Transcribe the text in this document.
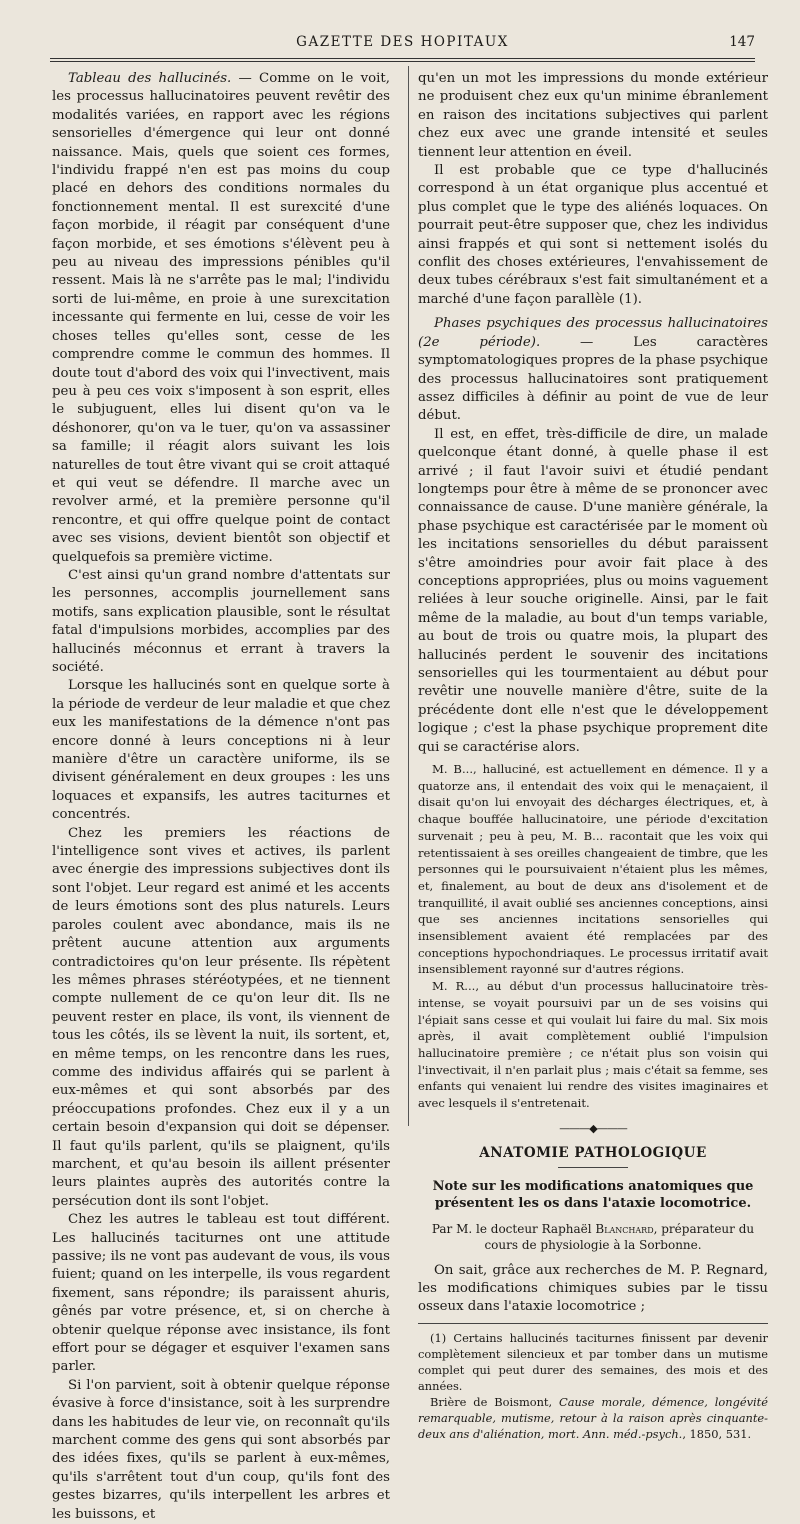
GAZETTE DES HOPITAUX	147

Tableau des hallucinés. — Comme on le voit, les processus hallucinatoires peuvent revêtir des modalités variées, en rapport avec les régions sensorielles d'émergence qui leur ont donné naissance. Mais, quels que soient ces formes, l'individu frappé n'en est pas moins du coup placé en dehors des conditions normales du fonctionnement mental. Il est surexcité d'une façon morbide, il réagit par conséquent d'une façon morbide, et ses émotions s'élèvent peu à peu au niveau des impressions pénibles qu'il ressent. Mais là ne s'arrête pas le mal; l'individu sorti de lui-même, en proie à une surexcitation incessante qui fermente en lui, cesse de voir les choses telles qu'elles sont, cesse de les comprendre comme le commun des hommes. Il doute tout d'abord des voix qui l'invectivent, mais peu à peu ces voix s'imposent à son esprit, elles le subjuguent, elles lui disent qu'on va le déshonorer, qu'on va le tuer, qu'on va assassiner sa famille; il réagit alors suivant les lois naturelles de tout être vivant qui se croit attaqué et qui veut se défendre. Il marche avec un revolver armé, et la première personne qu'il rencontre, et qui offre quelque point de contact avec ses visions, devient bientôt son objectif et quelquefois sa première victime.

C'est ainsi qu'un grand nombre d'attentats sur les personnes, accomplis journellement sans motifs, sans explication plausible, sont le résultat fatal d'impulsions morbides, accomplies par des hallucinés méconnus et errant à travers la société.

Lorsque les hallucinés sont en quelque sorte à la période de verdeur de leur maladie et que chez eux les manifestations de la démence n'ont pas encore donné à leurs conceptions ni à leur manière d'être un caractère uniforme, ils se divisent généralement en deux groupes : les uns loquaces et expansifs, les autres taciturnes et concentrés.

Chez les premiers les réactions de l'intelligence sont vives et actives, ils parlent avec énergie des impressions subjectives dont ils sont l'objet. Leur regard est animé et les accents de leurs émotions sont des plus naturels. Leurs paroles coulent avec abondance, mais ils ne prêtent aucune attention aux arguments contradictoires qu'on leur présente. Ils répètent les mêmes phrases stéréotypées, et ne tiennent compte nullement de ce qu'on leur dit. Ils ne peuvent rester en place, ils vont, ils viennent de tous les côtés, ils se lèvent la nuit, ils sortent, et, en même temps, on les rencontre dans les rues, comme des individus affairés qui se parlent à eux-mêmes et qui sont absorbés par des préoccupations profondes. Chez eux il y a un certain besoin d'expansion qui doit se dépenser. Il faut qu'ils parlent, qu'ils se plaignent, qu'ils marchent, et qu'au besoin ils aillent présenter leurs plaintes auprès des autorités contre la persécution dont ils sont l'objet.

Chez les autres le tableau est tout différent. Les hallucinés taciturnes ont une attitude passive; ils ne vont pas audevant de vous, ils vous fuient; quand on les interpelle, ils vous regardent fixement, sans répondre; ils paraissent ahuris, gênés par votre présence, et, si on cherche à obtenir quelque réponse avec insistance, ils font effort pour se dégager et esquiver l'examen sans parler.

Si l'on parvient, soit à obtenir quelque réponse évasive à force d'insistance, soit à les surprendre dans les habitudes de leur vie, on reconnaît qu'ils marchent comme des gens qui sont absorbés par des idées fixes, qu'ils se parlent à eux-mêmes, qu'ils s'arrêtent tout d'un coup, qu'ils font des gestes bizarres, qu'ils interpellent les arbres et les buissons, et

qu'en un mot les impressions du monde extérieur ne produisent chez eux qu'un minime ébranlement en raison des incitations subjectives qui parlent chez eux avec une grande intensité et seules tiennent leur attention en éveil.

Il est probable que ce type d'hallucinés correspond à un état organique plus accentué et plus complet que le type des aliénés loquaces. On pourrait peut-être supposer que, chez les individus ainsi frappés et qui sont si nettement isolés du conflit des choses extérieures, l'envahissement de deux tubes cérébraux s'est fait simultanément et a marché d'une façon parallèle (1).

Phases psychiques des processus hallucinatoires (2e période). — Les caractères symptomatologiques propres de la phase psychique des processus hallucinatoires sont pratiquement assez difficiles à définir au point de vue de leur début.

Il est, en effet, très-difficile de dire, un malade quelconque étant donné, à quelle phase il est arrivé ; il faut l'avoir suivi et étudié pendant longtemps pour être à même de se prononcer avec connaissance de cause. D'une manière générale, la phase psychique est caractérisée par le moment où les incitations sensorielles du début paraissent s'être amoindries pour avoir fait place à des conceptions appropriées, plus ou moins vaguement reliées à leur souche originelle. Ainsi, par le fait même de la maladie, au bout d'un temps variable, au bout de trois ou quatre mois, la plupart des hallucinés perdent le souvenir des incitations sensorielles qui les tourmentaient au début pour revêtir une nouvelle manière d'être, suite de la précédente dont elle n'est que le développement logique ; c'est la phase psychique proprement dite qui se caractérise alors.

M. B..., halluciné, est actuellement en démence. Il y a quatorze ans, il entendait des voix qui le menaçaient, il disait qu'on lui envoyait des décharges électriques, et, à chaque bouffée hallucinatoire, une période d'excitation survenait ; peu à peu, M. B... racontait que les voix qui retentissaient à ses oreilles changeaient de timbre, que les personnes qui le poursuivaient n'étaient plus les mêmes, et, finalement, au bout de deux ans d'isolement et de tranquillité, il avait oublié ses anciennes conceptions, ainsi que ses anciennes incitations sensorielles qui insensiblement avaient été remplacées par des conceptions hypochondriaques. Le processus irritatif avait insensiblement rayonné sur d'autres régions.

M. R..., au début d'un processus hallucinatoire très-intense, se voyait poursuivi par un de ses voisins qui l'épiait sans cesse et qui voulait lui faire du mal. Six mois après, il avait complètement oublié l'impulsion hallucinatoire première ; ce n'était plus son voisin qui l'invectivait, il n'en parlait plus ; mais c'était sa femme, ses enfants qui venaient lui rendre des visites imaginaires et avec lesquels il s'entretenait.

———◆———
ANATOMIE PATHOLOGIQUE
Note sur les modifications anatomiques que présentent les os dans l'ataxie locomotrice.
Par M. le docteur Raphaël Blanchard, préparateur du cours de physiologie à la Sorbonne.

On sait, grâce aux recherches de M. P. Regnard, les modifications chimiques subies par le tissu osseux dans l'ataxie locomotrice ;

(1) Certains hallucinés taciturnes finissent par devenir complètement silencieux et par tomber dans un mutisme complet qui peut durer des semaines, des mois et des années.

Brière de Boismont, Cause morale, démence, longévité remarquable, mutisme, retour à la raison après cinquante-deux ans d'aliénation, mort. Ann. méd.-psych., 1850, 531.
